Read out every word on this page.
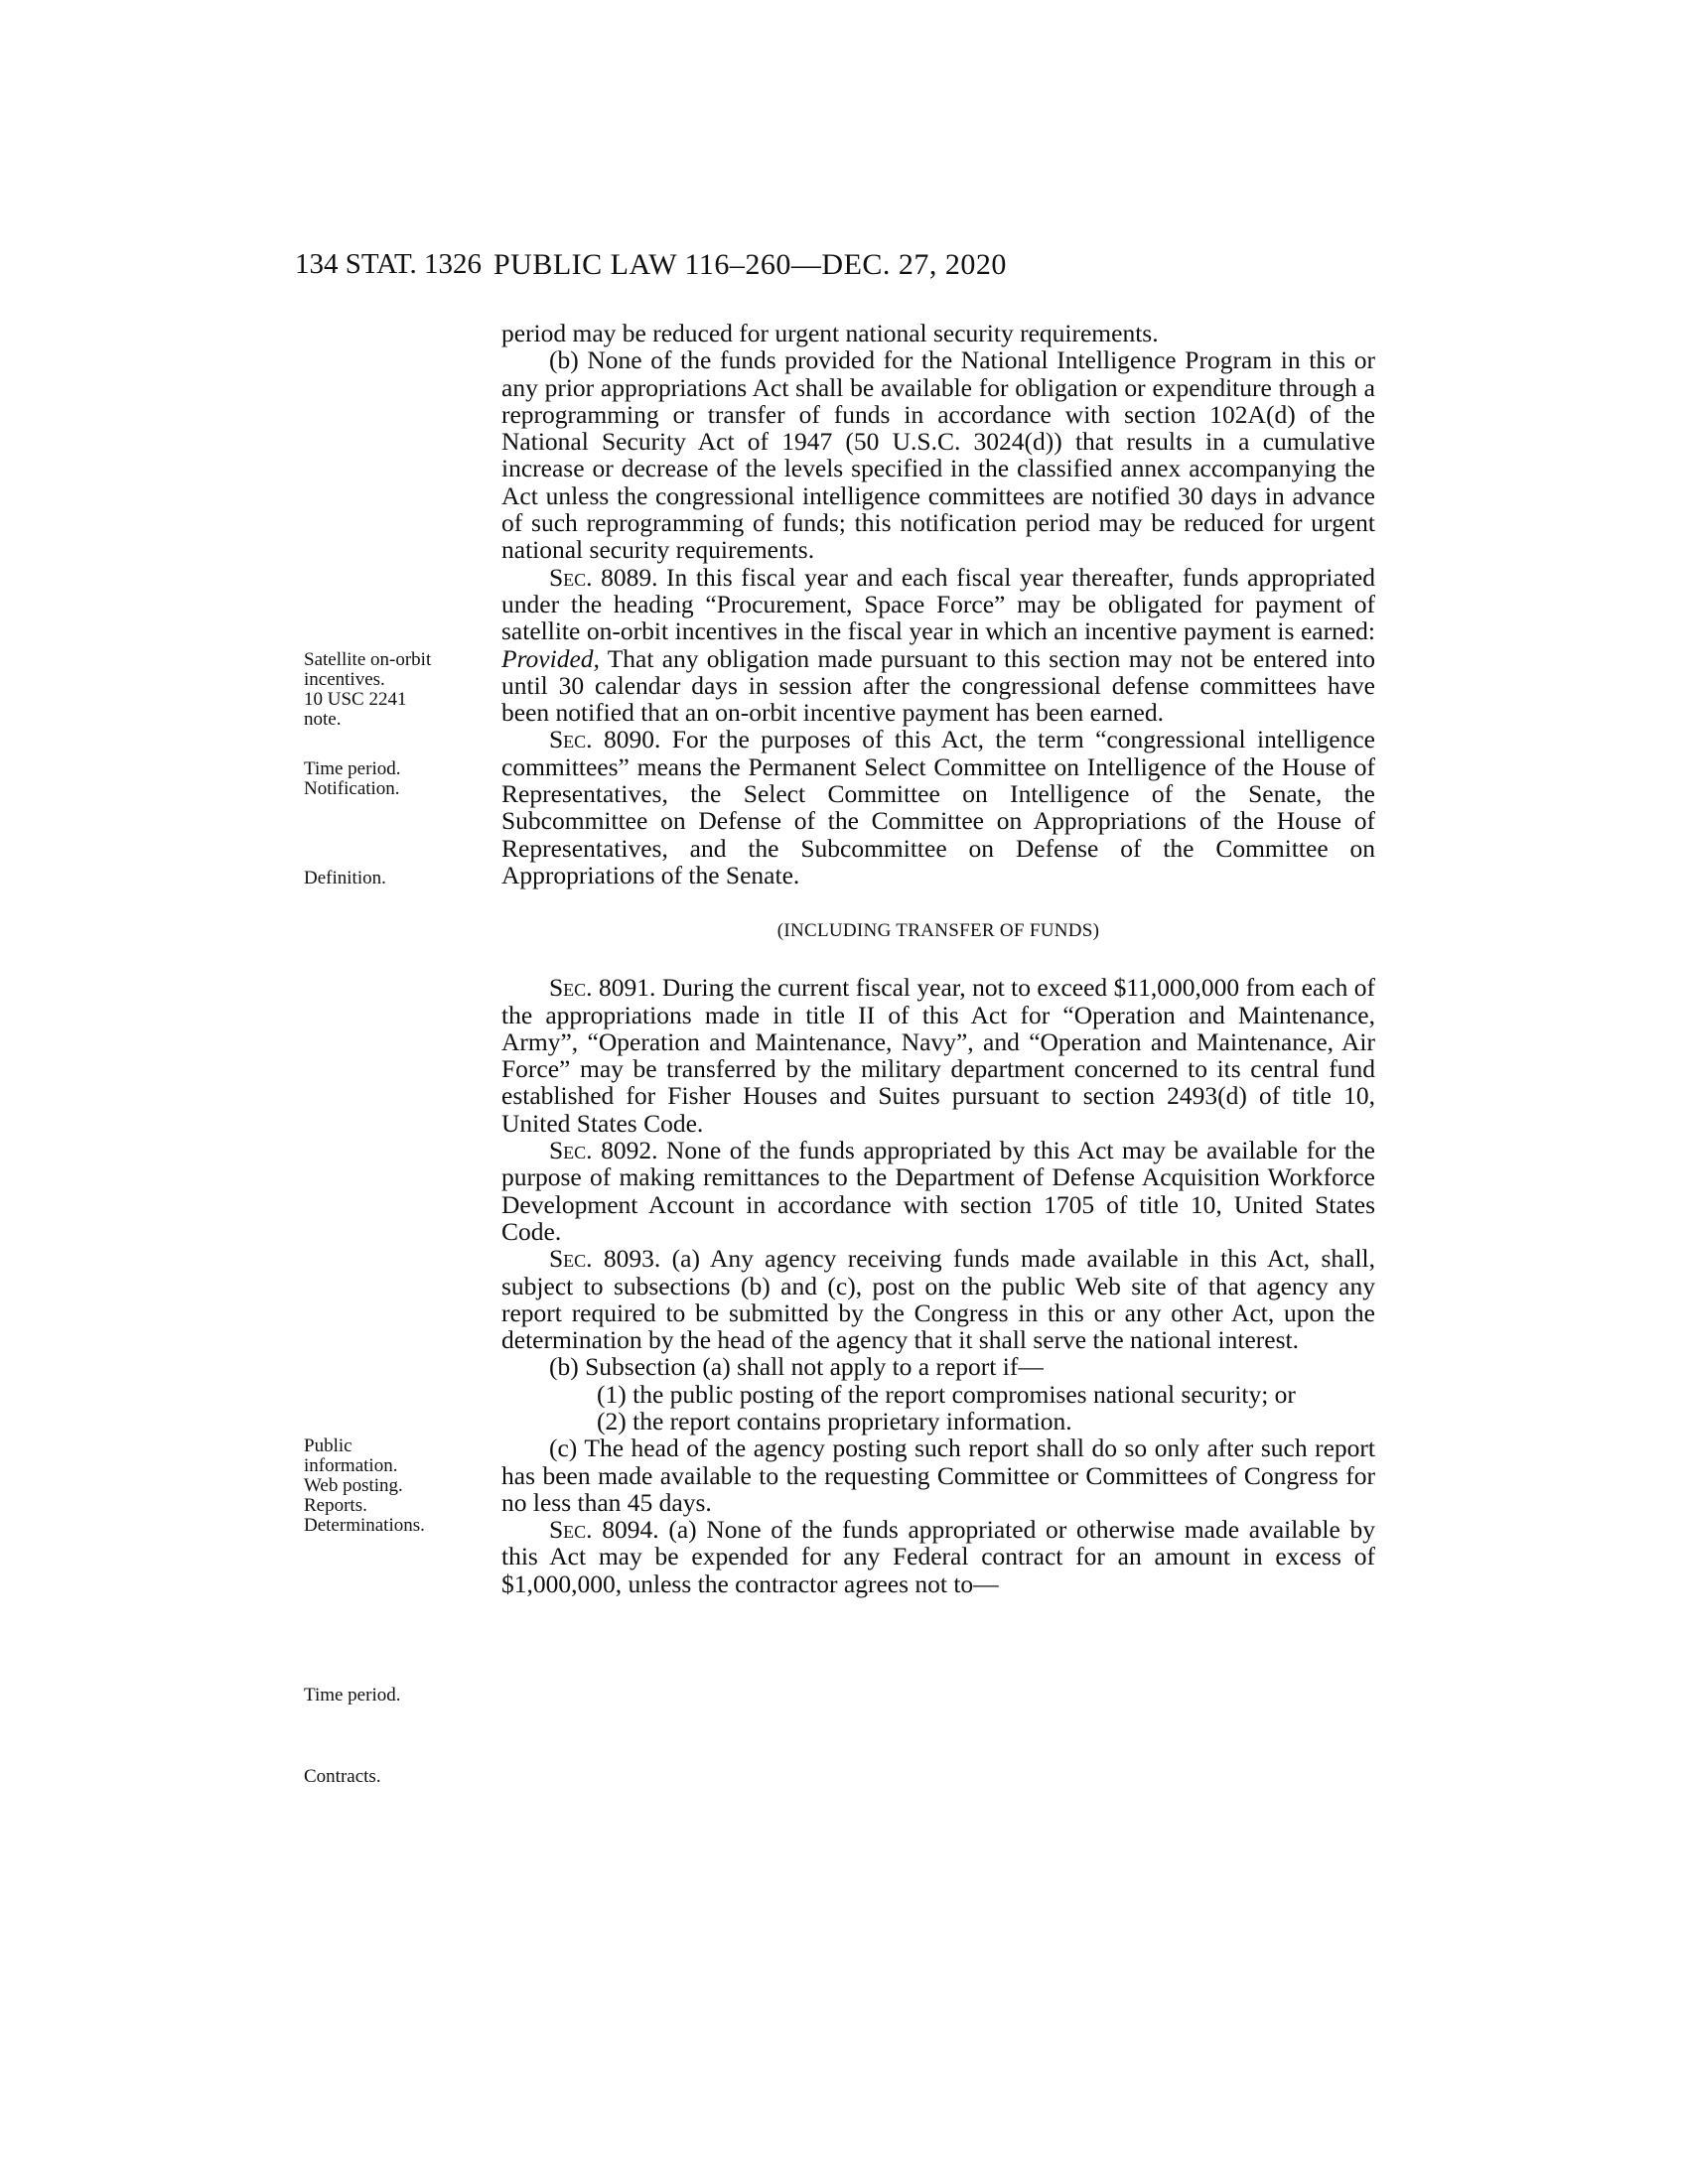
134 STAT. 1326 PUBLIC LAW 116–260—DEC. 27, 2020
Satellite on-orbit
incentives.
10 USC 2241
note.
Time period.
Notification.
Definition.
Public
information.
Web posting.
Reports.
Determinations.
Time period.
Contracts.

period may be reduced for urgent national security requirements.

(b) None of the funds provided for the National Intelligence Program in this or any prior appropriations Act shall be available for obligation or expenditure through a reprogramming or transfer of funds in accordance with section 102A(d) of the National Security Act of 1947 (50 U.S.C. 3024(d)) that results in a cumulative increase or decrease of the levels specified in the classified annex accompanying the Act unless the congressional intelligence committees are notified 30 days in advance of such reprogramming of funds; this notification period may be reduced for urgent national security requirements.

Sec. 8089. In this fiscal year and each fiscal year thereafter, funds appropriated under the heading “Procurement, Space Force” may be obligated for payment of satellite on-orbit incentives in the fiscal year in which an incentive payment is earned: Provided, That any obligation made pursuant to this section may not be entered into until 30 calendar days in session after the congressional defense committees have been notified that an on-orbit incentive payment has been earned.

Sec. 8090. For the purposes of this Act, the term “congressional intelligence committees” means the Permanent Select Committee on Intelligence of the House of Representatives, the Select Committee on Intelligence of the Senate, the Subcommittee on Defense of the Committee on Appropriations of the House of Representatives, and the Subcommittee on Defense of the Committee on Appropriations of the Senate.

(INCLUDING TRANSFER OF FUNDS)

Sec. 8091. During the current fiscal year, not to exceed $11,000,000 from each of the appropriations made in title II of this Act for “Operation and Maintenance, Army”, “Operation and Maintenance, Navy”, and “Operation and Maintenance, Air Force” may be transferred by the military department concerned to its central fund established for Fisher Houses and Suites pursuant to section 2493(d) of title 10, United States Code.

Sec. 8092. None of the funds appropriated by this Act may be available for the purpose of making remittances to the Department of Defense Acquisition Workforce Development Account in accordance with section 1705 of title 10, United States Code.

Sec. 8093. (a) Any agency receiving funds made available in this Act, shall, subject to subsections (b) and (c), post on the public Web site of that agency any report required to be submitted by the Congress in this or any other Act, upon the determination by the head of the agency that it shall serve the national interest.

(b) Subsection (a) shall not apply to a report if—

(1) the public posting of the report compromises national security; or

(2) the report contains proprietary information.

(c) The head of the agency posting such report shall do so only after such report has been made available to the requesting Committee or Committees of Congress for no less than 45 days.

Sec. 8094. (a) None of the funds appropriated or otherwise made available by this Act may be expended for any Federal contract for an amount in excess of $1,000,000, unless the contractor agrees not to—
